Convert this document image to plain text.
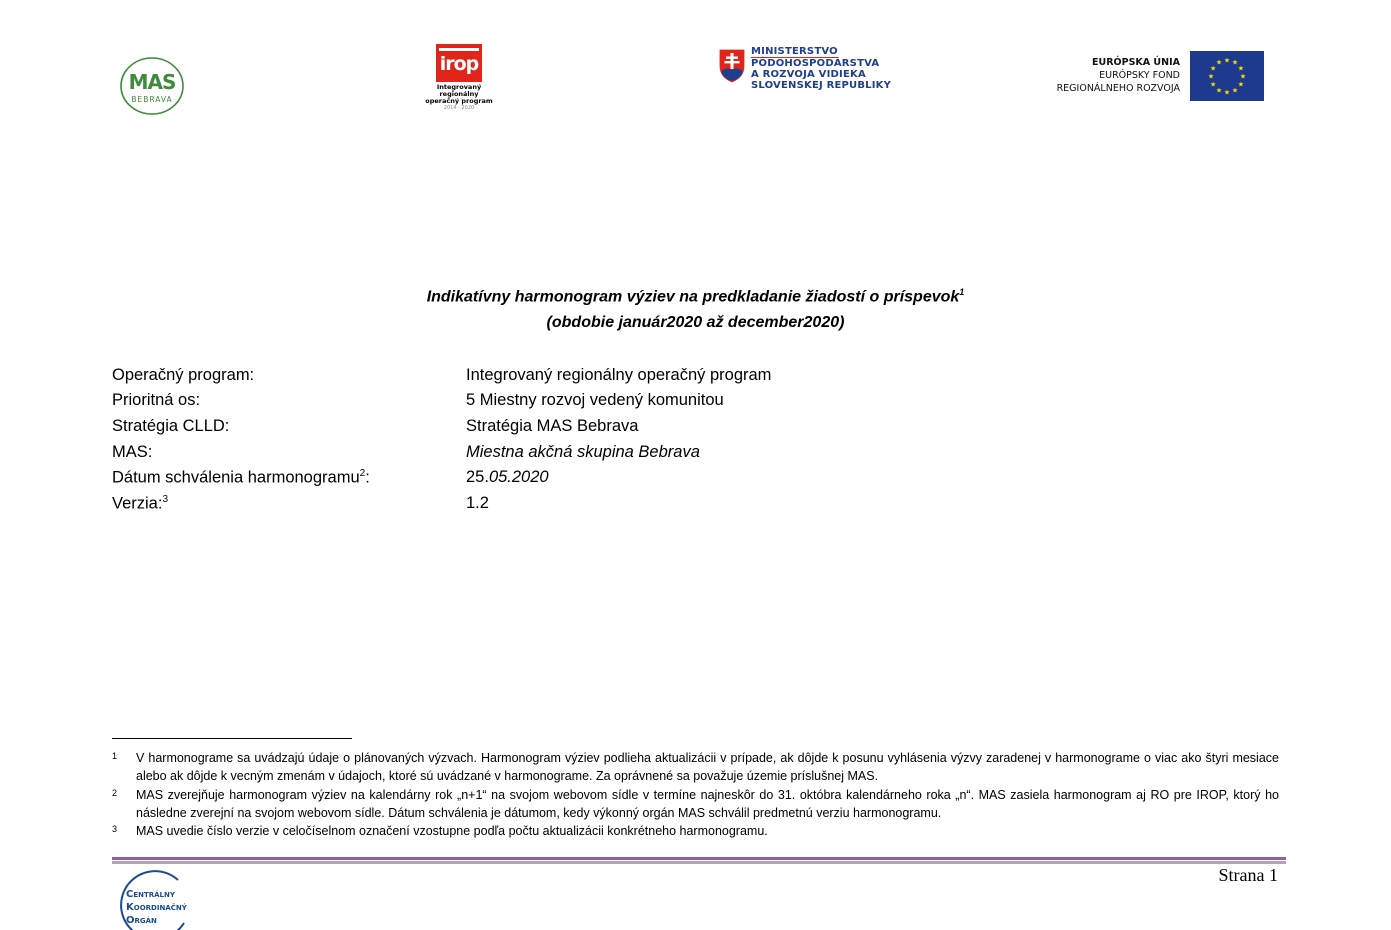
MAS
BEBRAVA
irop
Integrovaný regionálny
operačný program
2014 - 2020
MINISTERSTVO
PÔDOHOSPODÁRSTVA
A ROZVOJA VIDIEKA
SLOVENSKEJ REPUBLIKY
EURÓPSKA ÚNIA
EURÓPSKY FOND
REGIONÁLNEHO ROZVOJA
★ ★
★
★
★
★
★
★
★
★
★
★
Indikatívny harmonogram výziev na predkladanie žiadostí o príspevok$^1$
(obdobie január2020 až december2020)
Operačný program:	Integrovaný regionálny operačný program
Prioritná os:	5 Miestny rozvoj vedený komunitou
Stratégia CLLD:	Stratégia MAS Bebrava
MAS:	Miestna akčná skupina Bebrava
Dátum schválenia harmonogramu$^2$:	25.05.2020
Verzia:$^3$	1.2
1 V harmonograme sa uvádzajú údaje o plánovaných výzvach. Harmonogram výziev podlieha aktualizácii v prípade, ak dôjde k posunu vyhlásenia výzvy zaradenej v harmonograme o viac ako štyri mesiace alebo ak dôjde k vecným zmenám v údajoch, ktoré sú uvádzané v harmonograme. Za oprávnené sa považuje územie príslušnej MAS.
2 MAS zverejňuje harmonogram výziev na kalendárny rok „n+1“ na svojom webovom sídle v termíne najneskôr do 31. októbra kalendárneho roka „n“. MAS zasiela harmonogram aj RO pre IROP, ktorý ho následne zverejní na svojom webovom sídle. Dátum schválenia je dátumom, kedy výkonný orgán MAS schválil predmetnú verziu harmonogramu.
3 MAS uvedie číslo verzie v celočíselnom označení vzostupne podľa počtu aktualizácii konkrétneho harmonogramu.
Strana 1
Centrálny
Koordinačný
Orgán
